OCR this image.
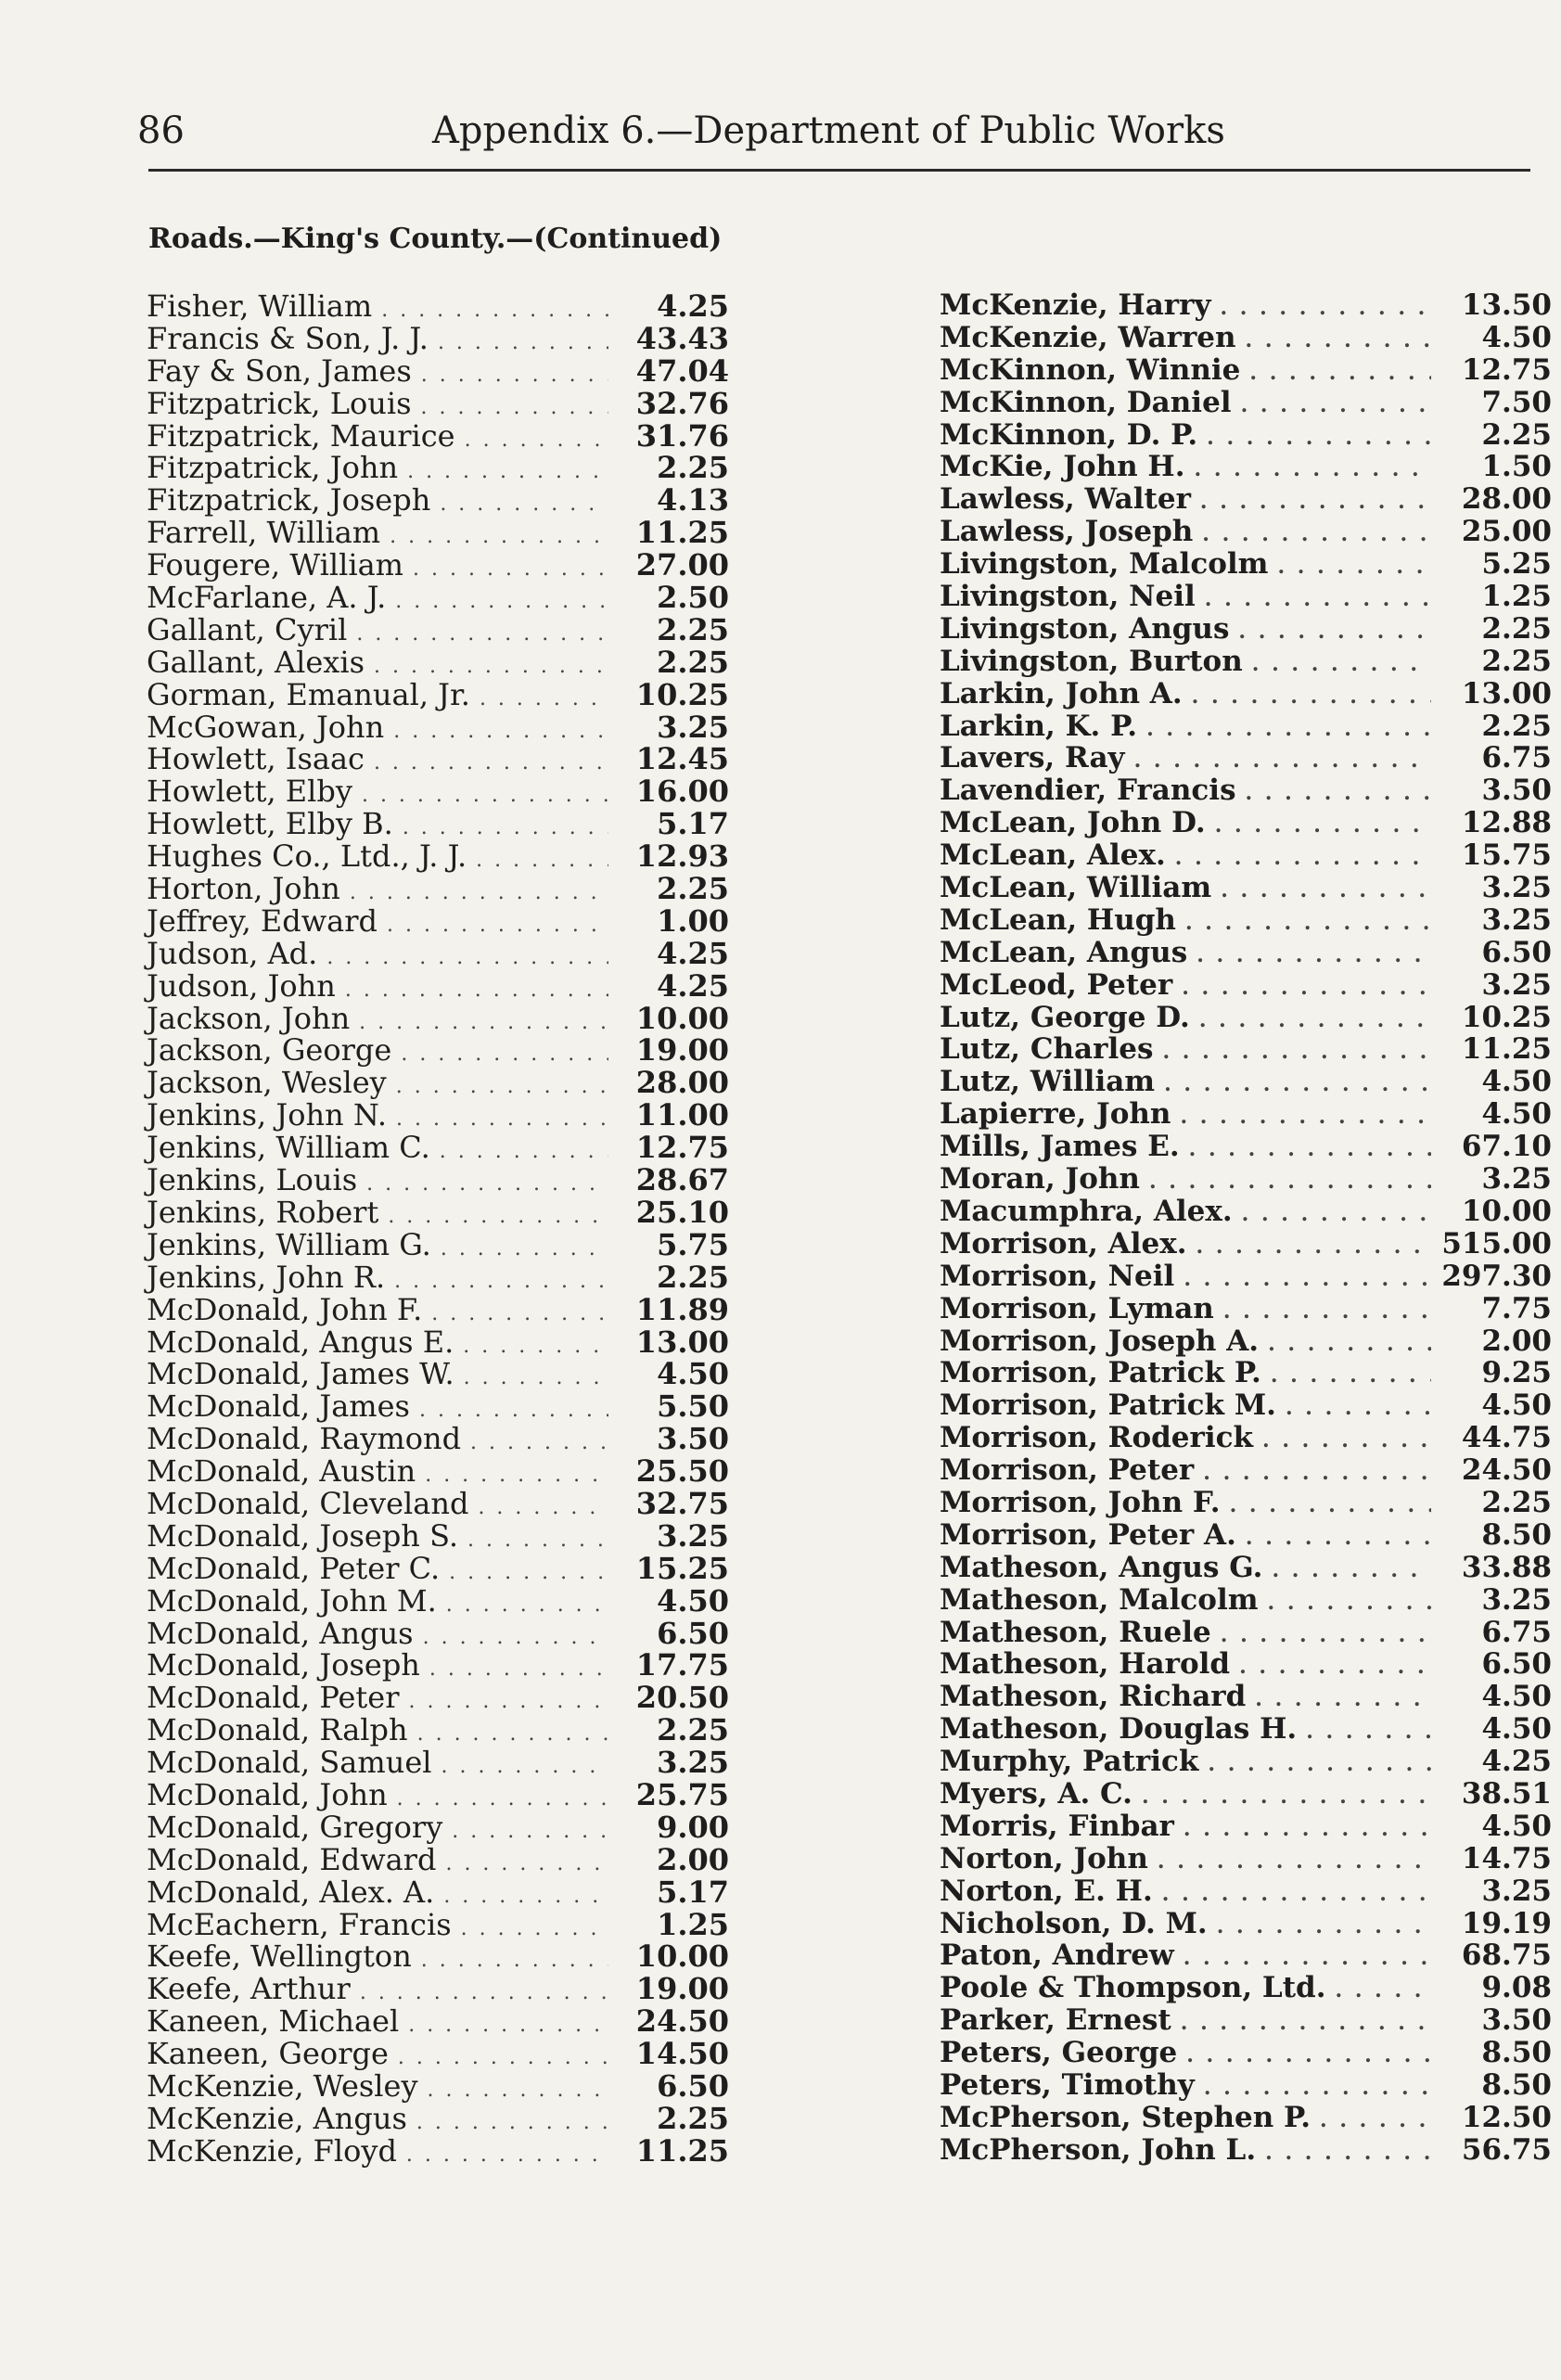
86	Appendix 6.—Department of Public Works
Roads.—King's County.—(Continued)
Fisher, William . . .	4.25
Francis & Son, J. J. . . .	43.43
Fay & Son, James . . .	47.04
Fitzpatrick, Louis . . .	32.76
Fitzpatrick, Maurice . . .	31.76
Fitzpatrick, John . . .	2.25
Fitzpatrick, Joseph . . .	4.13
Farrell, William . . .	11.25
Fougere, William . . .	27.00
McFarlane, A. J. . . .	2.50
Gallant, Cyril . . .	2.25
Gallant, Alexis . . .	2.25
Gorman, Emanual, Jr. . . .	10.25
McGowan, John . . .	3.25
Howlett, Isaac . . .	12.45
Howlett, Elby . . .	16.00
Howlett, Elby B. . . .	5.17
Hughes Co., Ltd., J. J. . . .	12.93
Horton, John . . .	2.25
Jeffrey, Edward . . .	1.00
Judson, Ad. . . .	4.25
Judson, John . . .	4.25
Jackson, John . . .	10.00
Jackson, George . . .	19.00
Jackson, Wesley . . .	28.00
Jenkins, John N. . . .	11.00
Jenkins, William C. . . .	12.75
Jenkins, Louis . . .	28.67
Jenkins, Robert . . .	25.10
Jenkins, William G. . . .	5.75
Jenkins, John R. . . .	2.25
McDonald, John F. . . .	11.89
McDonald, Angus E. . . .	13.00
McDonald, James W. . . .	4.50
McDonald, James . . .	5.50
McDonald, Raymond . . .	3.50
McDonald, Austin . . .	25.50
McDonald, Cleveland . . .	32.75
McDonald, Joseph S. . . .	3.25
McDonald, Peter C. . . .	15.25
McDonald, John M. . . .	4.50
McDonald, Angus . . .	6.50
McDonald, Joseph . . .	17.75
McDonald, Peter . . .	20.50
McDonald, Ralph . . .	2.25
McDonald, Samuel . . .	3.25
McDonald, John . . .	25.75
McDonald, Gregory . . .	9.00
McDonald, Edward . . .	2.00
McDonald, Alex. A. . . .	5.17
McEachern, Francis . . .	1.25
Keefe, Wellington . . .	10.00
Keefe, Arthur . . .	19.00
Kaneen, Michael . . .	24.50
Kaneen, George . . .	14.50
McKenzie, Wesley . . .	6.50
McKenzie, Angus . . .	2.25
McKenzie, Floyd . . .	11.25
McKenzie, Harry . . .	13.50
McKenzie, Warren . . .	4.50
McKinnon, Winnie . . .	12.75
McKinnon, Daniel . . .	7.50
McKinnon, D. P. . . .	2.25
McKie, John H. . . .	1.50
Lawless, Walter . . .	28.00
Lawless, Joseph . . .	25.00
Livingston, Malcolm . . .	5.25
Livingston, Neil . . .	1.25
Livingston, Angus . . .	2.25
Livingston, Burton . . .	2.25
Larkin, John A. . . .	13.00
Larkin, K. P. . . .	2.25
Lavers, Ray . . .	6.75
Lavendier, Francis . . .	3.50
McLean, John D. . . .	12.88
McLean, Alex. . . .	15.75
McLean, William . . .	3.25
McLean, Hugh . . .	3.25
McLean, Angus . . .	6.50
McLeod, Peter . . .	3.25
Lutz, George D. . . .	10.25
Lutz, Charles . . .	11.25
Lutz, William . . .	4.50
Lapierre, John . . .	4.50
Mills, James E. . . .	67.10
Moran, John . . .	3.25
Macumphra, Alex. . . .	10.00
Morrison, Alex. . . .	515.00
Morrison, Neil . . .	297.30
Morrison, Lyman . . .	7.75
Morrison, Joseph A. . . .	2.00
Morrison, Patrick P. . . .	9.25
Morrison, Patrick M. . . .	4.50
Morrison, Roderick . . .	44.75
Morrison, Peter . . .	24.50
Morrison, John F. . . .	2.25
Morrison, Peter A. . . .	8.50
Matheson, Angus G. . . .	33.88
Matheson, Malcolm . . .	3.25
Matheson, Ruele . . .	6.75
Matheson, Harold . . .	6.50
Matheson, Richard . . .	4.50
Matheson, Douglas H. . . .	4.50
Murphy, Patrick . . .	4.25
Myers, A. C. . . .	38.51
Morris, Finbar . . .	4.50
Norton, John . . .	14.75
Norton, E. H. . . .	3.25
Nicholson, D. M. . . .	19.19
Paton, Andrew . . .	68.75
Poole & Thompson, Ltd. . . .	9.08
Parker, Ernest . . .	3.50
Peters, George . . .	8.50
Peters, Timothy . . .	8.50
McPherson, Stephen P. . . .	12.50
McPherson, John L. . . .	56.75
